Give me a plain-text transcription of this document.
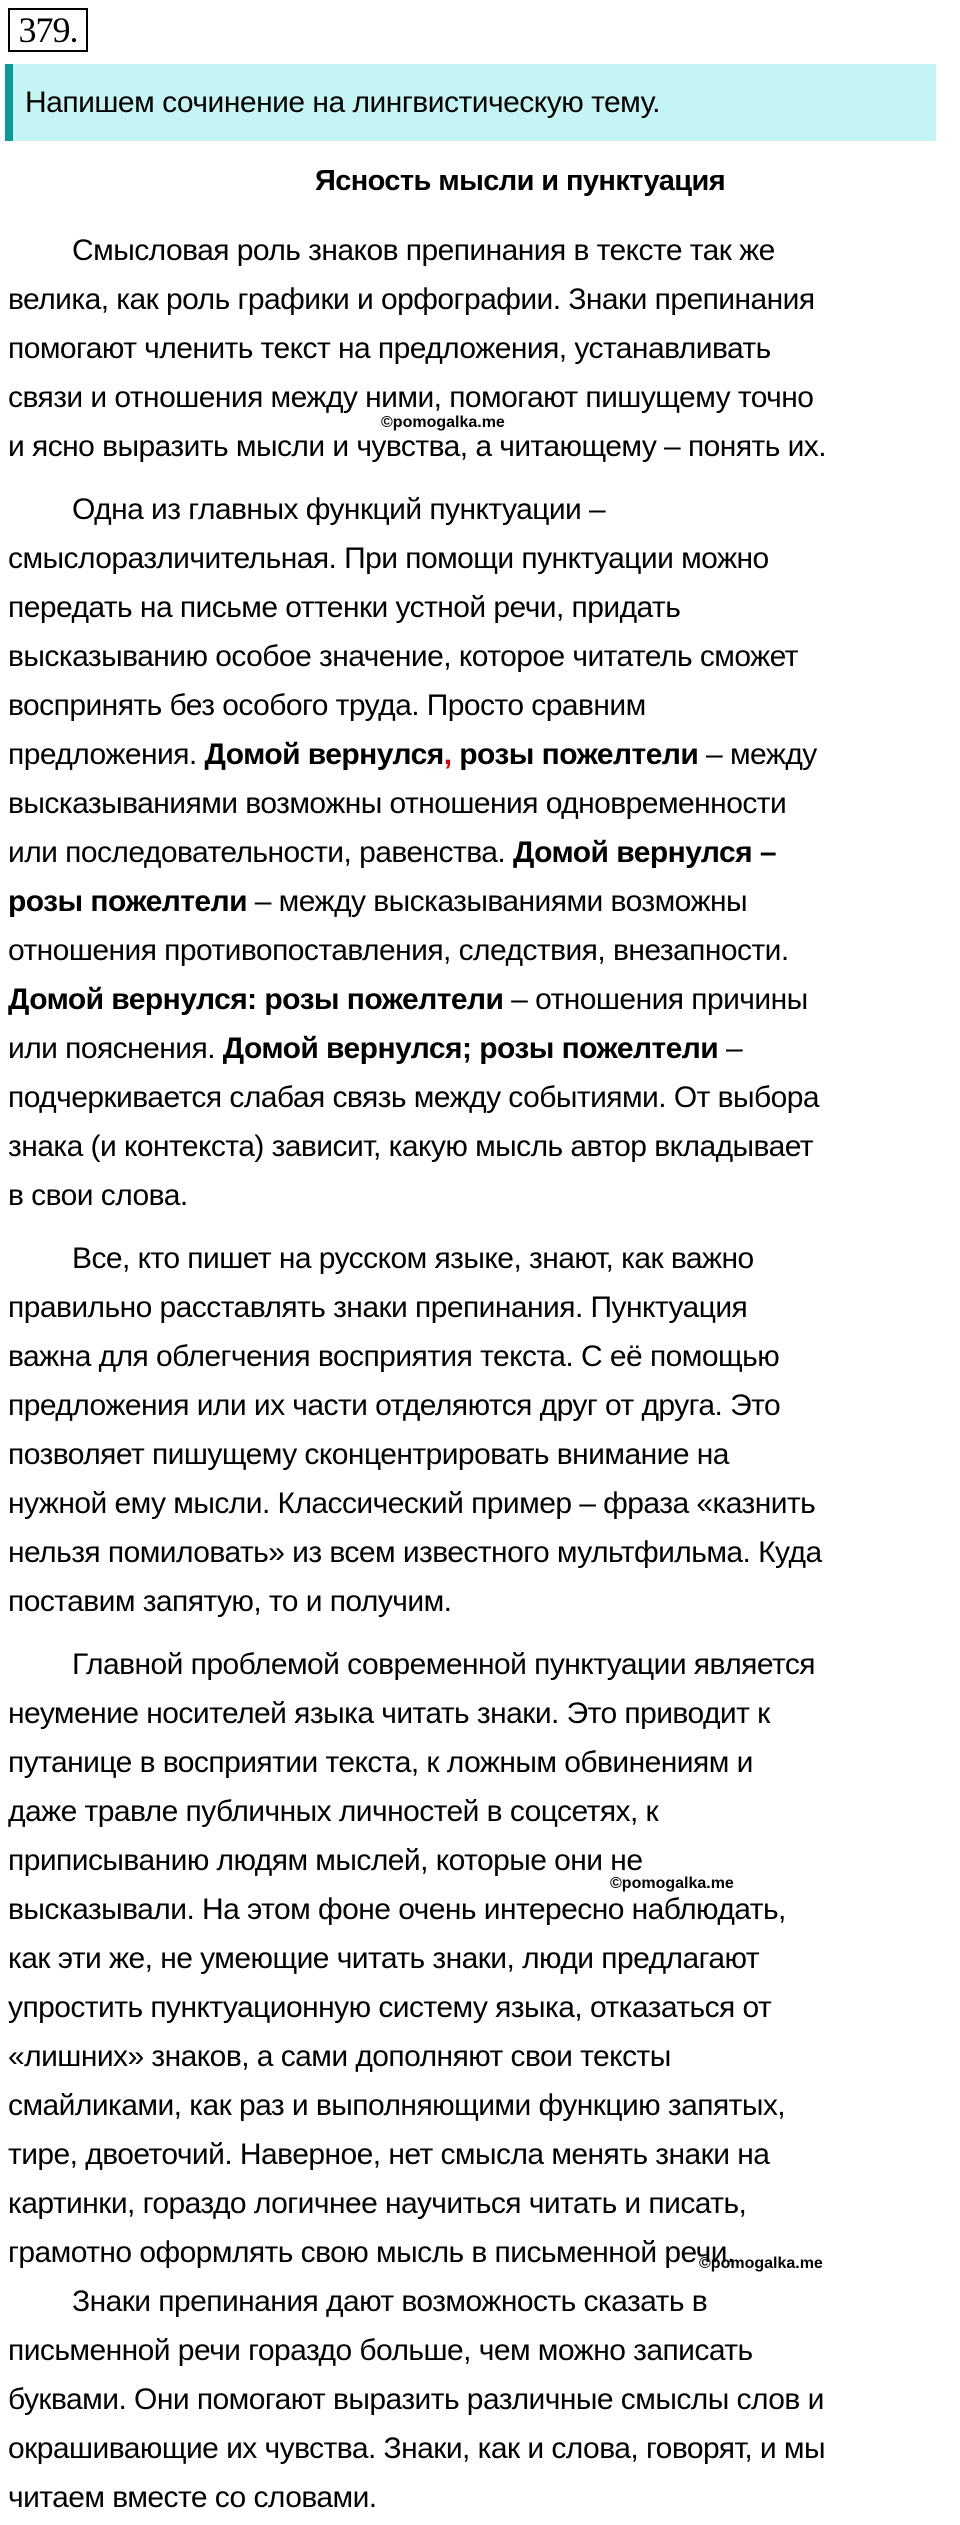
379.
Напишем сочинение на лингвистическую тему.
Ясность мысли и пунктуация
Смысловая роль знаков препинания в тексте так же
велика, как роль графики и орфографии. Знаки препинания
помогают членить текст на предложения, устанавливать
связи и отношения между ними, помогают пишущему точно
и ясно выразить мысли и чувства, а читающему – понять их.
Одна из главных функций пунктуации –
смыслоразличительная. При помощи пунктуации можно
передать на письме оттенки устной речи, придать
высказыванию особое значение, которое читатель сможет
воспринять без особого труда. Просто сравним
предложения. Домой вернулся, розы пожелтели – между
высказываниями возможны отношения одновременности
или последовательности, равенства. Домой вернулся –
розы пожелтели – между высказываниями возможны
отношения противопоставления, следствия, внезапности.
Домой вернулся: розы пожелтели – отношения причины
или пояснения. Домой вернулся; розы пожелтели –
подчеркивается слабая связь между событиями. От выбора
знака (и контекста) зависит, какую мысль автор вкладывает
в свои слова.
Все, кто пишет на русском языке, знают, как важно
правильно расставлять знаки препинания. Пунктуация
важна для облегчения восприятия текста. С её помощью
предложения или их части отделяются друг от друга. Это
позволяет пишущему сконцентрировать внимание на
нужной ему мысли. Классический пример – фраза «казнить
нельзя помиловать» из всем известного мультфильма. Куда
поставим запятую, то и получим.
Главной проблемой современной пунктуации является
неумение носителей языка читать знаки. Это приводит к
путанице в восприятии текста, к ложным обвинениям и
даже травле публичных личностей в соцсетях, к
приписыванию людям мыслей, которые они не
высказывали. На этом фоне очень интересно наблюдать,
как эти же, не умеющие читать знаки, люди предлагают
упростить пунктуационную систему языка, отказаться от
«лишних» знаков, а сами дополняют свои тексты
смайликами, как раз и выполняющими функцию запятых,
тире, двоеточий. Наверное, нет смысла менять знаки на
картинки, гораздо логичнее научиться читать и писать,
грамотно оформлять свою мысль в письменной речи.
Знаки препинания дают возможность сказать в
письменной речи гораздо больше, чем можно записать
буквами. Они помогают выразить различные смыслы слов и
окрашивающие их чувства. Знаки, как и слова, говорят, и мы
читаем вместе со словами.
©pomogalka.me
©pomogalka.me
©pomogalka.me
